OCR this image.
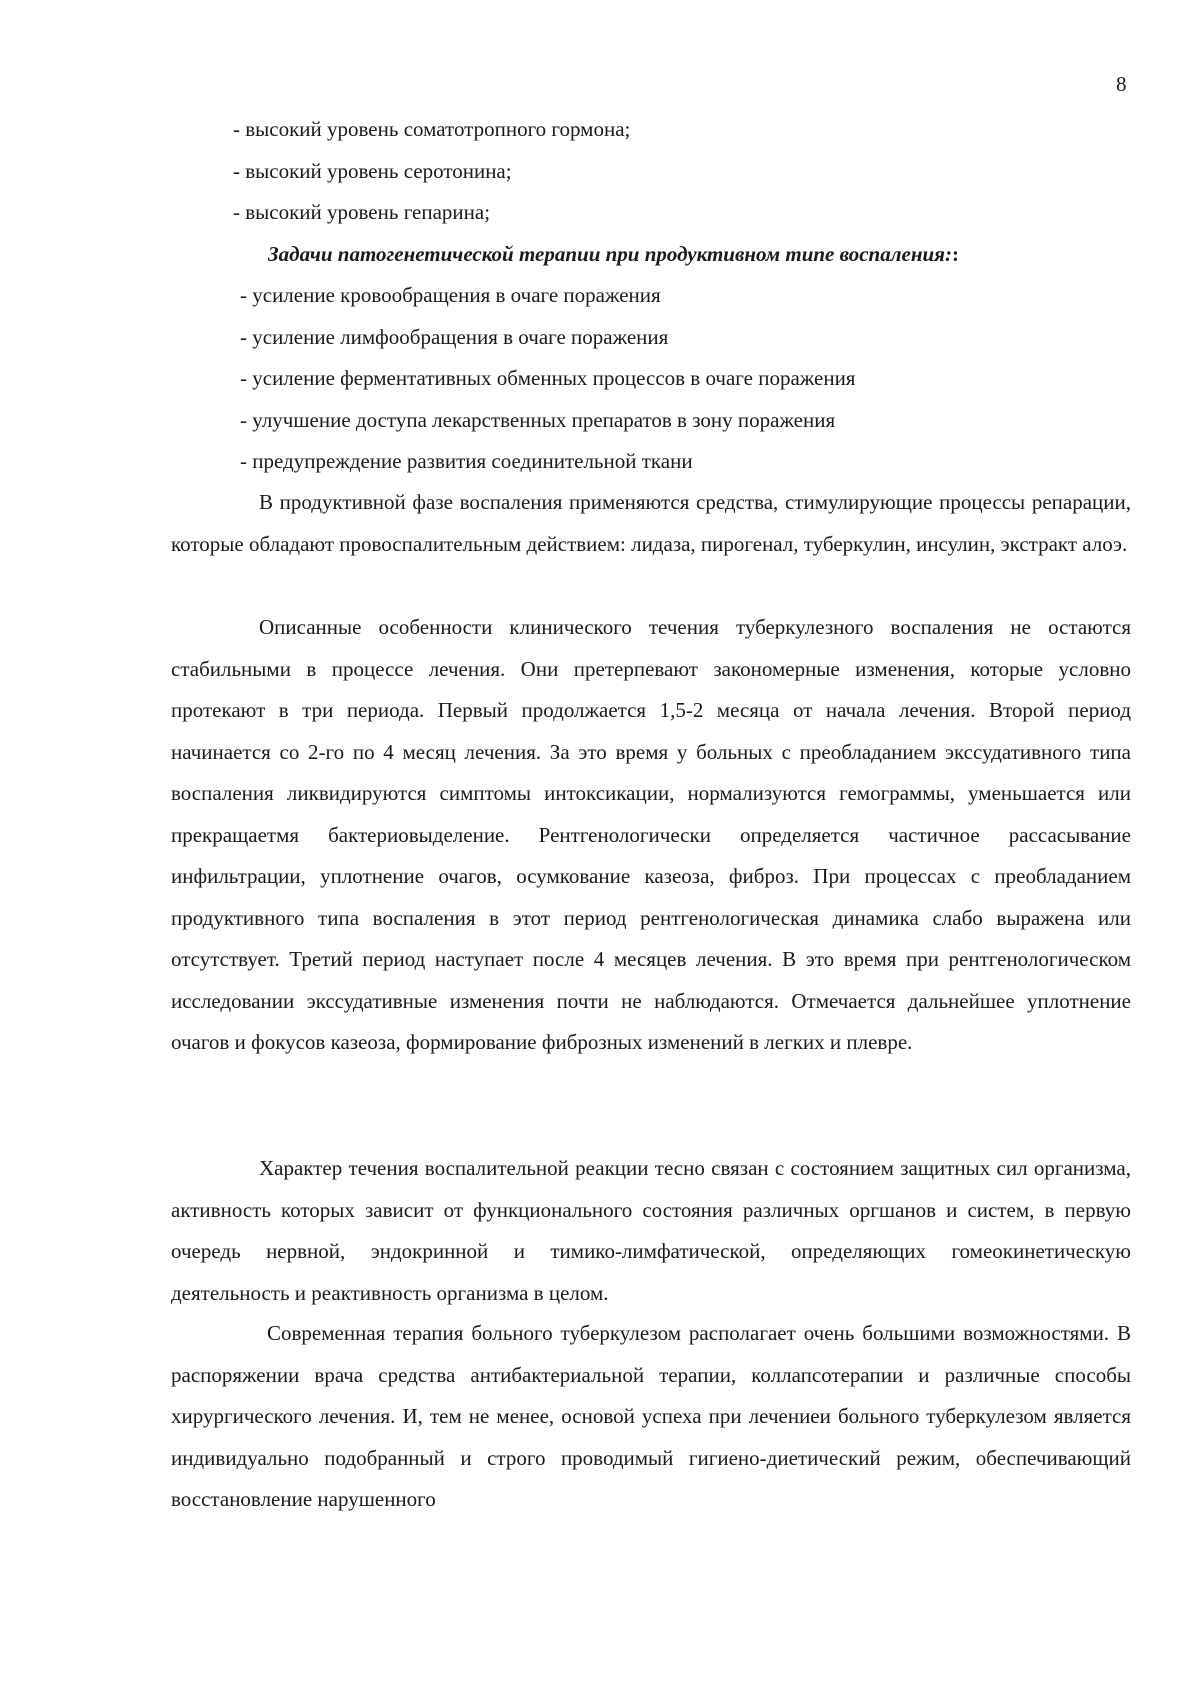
8
- высокий уровень соматотропного гормона;
- высокий уровень серотонина;
- высокий уровень гепарина;
Задачи патогенетической терапии при продуктивном типе воспаления::
- усиление кровообращения в очаге поражения
- усиление лимфообращения в очаге поражения
- усиление ферментативных обменных процессов в очаге поражения
- улучшение доступа лекарственных препаратов в зону поражения
- предупреждение развития соединительной ткани

В продуктивной фазе воспаления применяются средства, стимулирующие процессы репарации, которые обладают провоспалительным действием: лидаза, пирогенал, туберкулин, инсулин, экстракт алоэ.

Описанные особенности клинического течения туберкулезного воспаления не остаются стабильными в процессе лечения. Они претерпевают закономерные изменения, которые условно протекают в три периода. Первый продолжается 1,5-2 месяца от начала лечения. Второй период начинается со 2-го по 4 месяц лечения. За это время у больных с преобладанием экссудативного типа воспаления ликвидируются симптомы интоксикации, нормализуются гемограммы, уменьшается или прекращаетмя бактериовыделение. Рентгенологически определяется частичное рассасывание инфильтрации, уплотнение очагов, осумкование казеоза, фиброз. При процессах с преобладанием продуктивного типа воспаления в этот период рентгенологическая динамика слабо выражена или отсутствует. Третий период наступает после 4 месяцев лечения. В это время при рентгенологическом исследовании экссудативные изменения почти не наблюдаются. Отмечается дальнейшее уплотнение очагов и фокусов казеоза, формирование фиброзных изменений в легких и плевре.

Характер течения воспалительной реакции тесно связан с состоянием защитных сил организма, активность которых зависит от функционального состояния различных оргшанов и систем, в первую очередь нервной, эндокринной и тимико-лимфатической, определяющих гомеокинетическую деятельность и реактивность организма в целом.

Современная терапия больного туберкулезом располагает очень большими возможностями. В распоряжении врача средства антибактериальной терапии, коллапсотерапии и различные способы хирургического лечения. И, тем не менее, основой успеха при лечениеи больного туберкулезом является индивидуально подобранный и строго проводимый гигиено-диетический режим, обеспечивающий восстановление нарушенного
